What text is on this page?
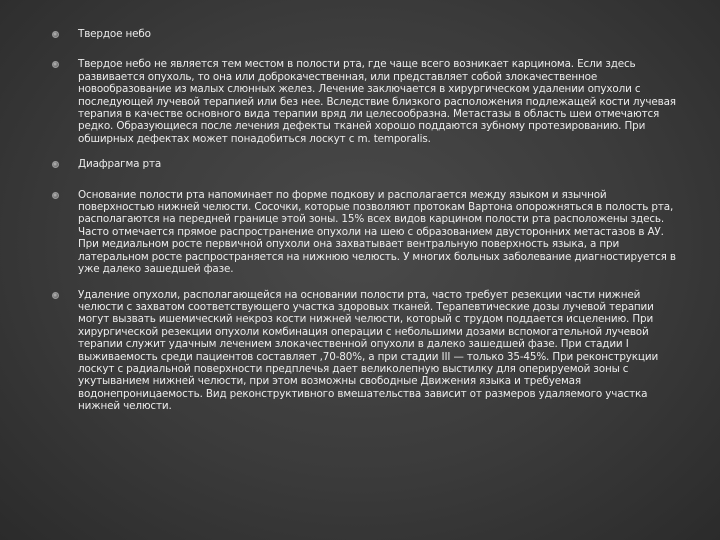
Твердое небо
Твердое небо не является тем местом в полости рта, где чаще всего возникает карцинома. Если здесь развивается опухоль, то она или доброкачественная, или представляет собой злокачественное новообразование из малых слюнных желез. Лечение заключается в хирургическом удалении опухоли с последующей лучевой терапией или без нее. Вследствие близкого расположения подлежащей кости лучевая терапия в качестве основного вида терапии вряд ли целесообразна. Метастазы в область шеи отмечаются редко. Образующиеся после лечения дефекты тканей хорошо поддаются зубному протезированию. При обширных дефектах может понадобиться лоскут с m. temporalis.
Диафрагма рта
Основание полости рта напоминает по форме подкову и располагается между языком и язычной поверхностью нижней челюсти. Сосочки, которые позволяют протокам Вартона опорожняться в полость рта, располагаются на передней границе этой зоны. 15% всех видов карцином полости рта расположены здесь. Часто отмечается прямое распространение опухоли на шею с образованием двусторонних метастазов в АУ. При медиальном росте первичной опухоли она захватывает вентральную поверхность языка, а при латеральном росте распространяется на нижнюю челюсть. У многих больных заболевание диагностируется в уже далеко зашедшей фазе.
Удаление опухоли, располагающейся на основании полости рта, часто требует резекции части нижней челюсти с захватом соответствующего участка здоровых тканей. Терапевтические дозы лучевой терапии могут вызвать ишемический некроз кости нижней челюсти, который с трудом поддается исцелению. При хирургической резекции опухоли комбинация операции с небольшими дозами вспомогательной лучевой терапии служит удачным лечением злокачественной опухоли в далеко зашедшей фазе. При стадии I выживаемость среди пациентов составляет ,70-80%, а при стадии III — только 35-45%. При реконструкции лоскут с радиальной поверхности предплечья дает великолепную выстилку для оперируемой зоны с укутыванием нижней челюсти, при этом возможны свободные Движения языка и требуемая водонепроницаемость. Вид реконструктивного вмешательства зависит от размеров удаляемого участка нижней челюсти.
